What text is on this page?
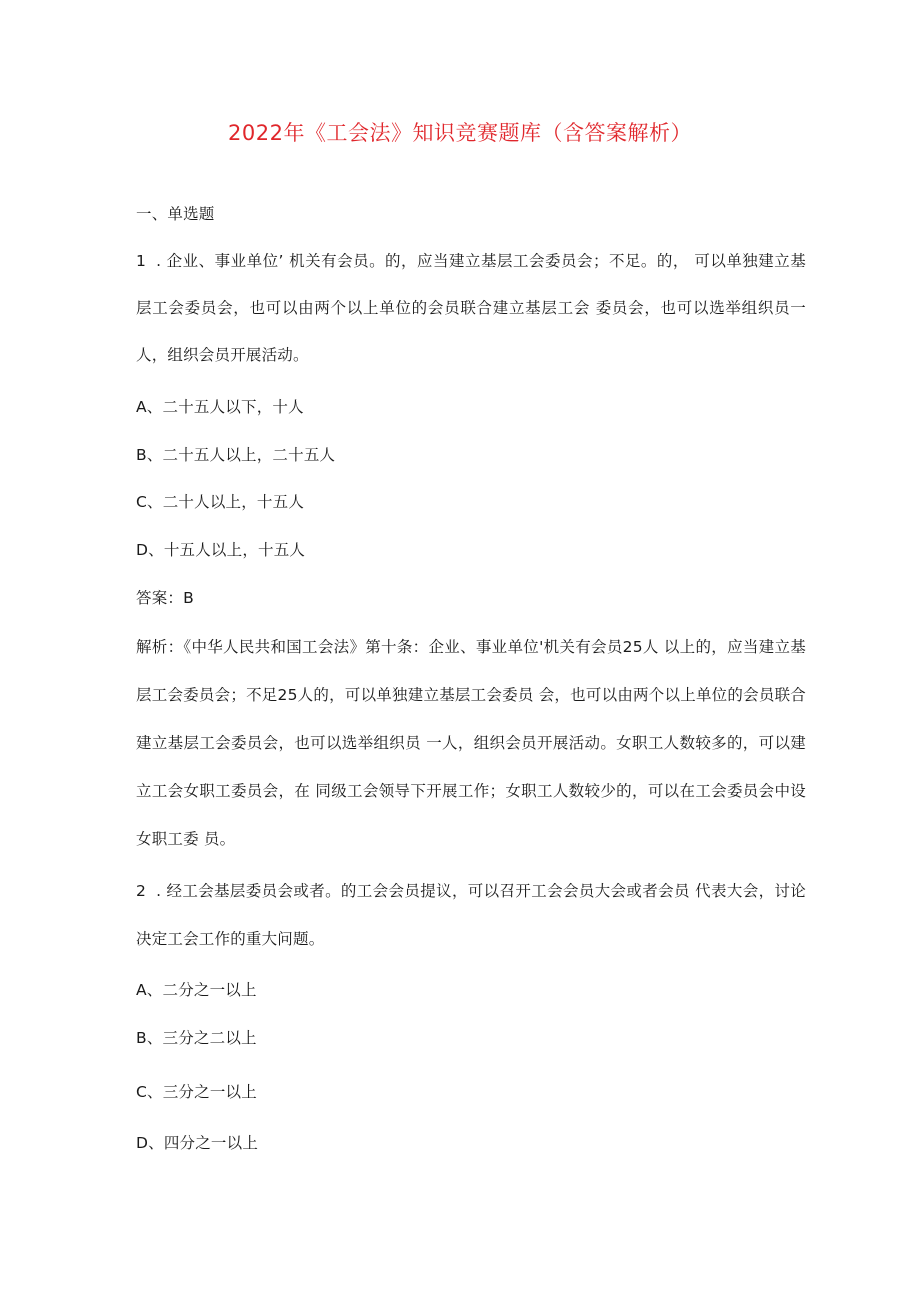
2022年《工会法》知识竞赛题库（含答案解析）
一、单选题
1 . 企业、事业单位’ 机关有会员。的，应当建立基层工会委员会；不足。的， 可以单独建立基层工会委员会，也可以由两个以上单位的会员联合建立基层工会 委员会，也可以选举组织员一人，组织会员开展活动。
A、二十五人以下，十人
B、二十五人以上，二十五人
C、二十人以上，十五人
D、十五人以上，十五人
答案：B
解析：《中华人民共和国工会法》第十条：企业、事业单位'机关有会员25人 以上的，应当建立基层工会委员会；不足25人的，可以单独建立基层工会委员 会，也可以由两个以上单位的会员联合建立基层工会委员会，也可以选举组织员 一人，组织会员开展活动。女职工人数较多的，可以建立工会女职工委员会，在 同级工会领导下开展工作；女职工人数较少的，可以在工会委员会中设女职工委 员。
2 . 经工会基层委员会或者。的工会会员提议，可以召开工会会员大会或者会员 代表大会，讨论决定工会工作的重大问题。
A、二分之一以上
B、三分之二以上
C、三分之一以上
D、四分之一以上
